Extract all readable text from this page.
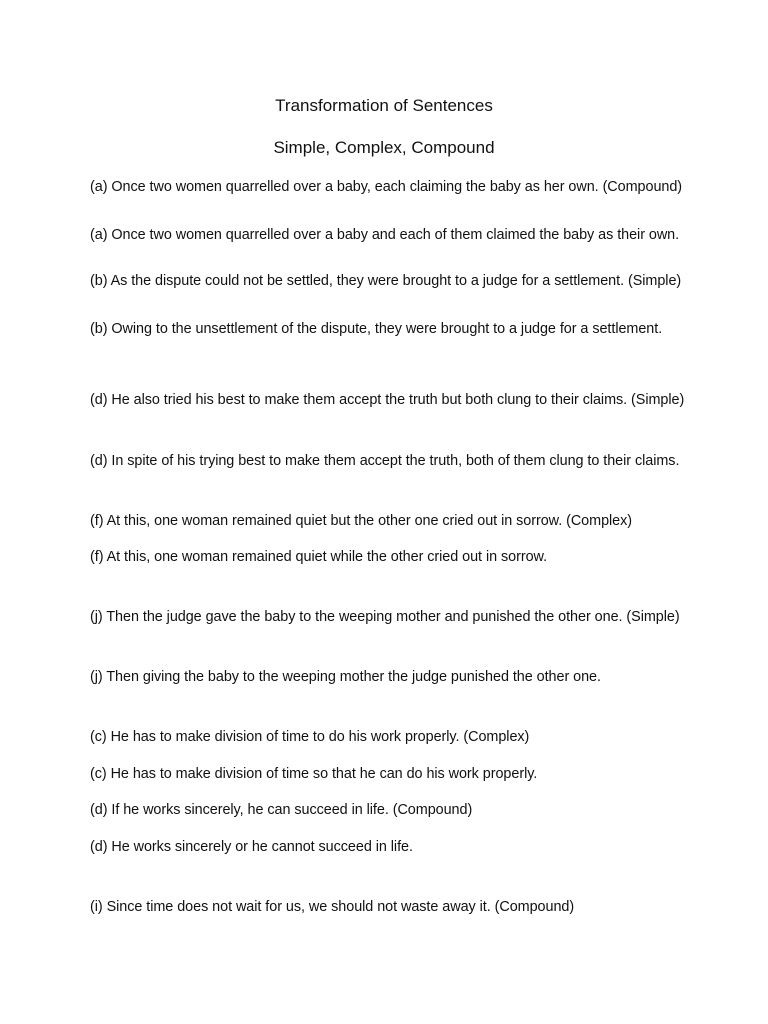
Transformation of Sentences
Simple, Complex, Compound

(a) Once two women quarrelled over a baby, each claiming the baby as her own. (Compound)

(a) Once two women quarrelled over a baby and each of them claimed the baby as their own.

(b) As the dispute could not be settled, they were brought to a judge for a settlement. (Simple)

(b) Owing to the unsettlement of the dispute, they were brought to a judge for a settlement.

(d) He also tried his best to make them accept the truth but both clung to their claims. (Simple)

(d) In spite of his trying best to make them accept the truth, both of them clung to their claims.

(f) At this, one woman remained quiet but the other one cried out in sorrow. (Complex)

(f) At this, one woman remained quiet while the other cried out in sorrow.

(j) Then the judge gave the baby to the weeping mother and punished the other one. (Simple)

(j) Then giving the baby to the weeping mother the judge punished the other one.

(c) He has to make division of time to do his work properly. (Complex)

(c) He has to make division of time so that he can do his work properly.

(d) If he works sincerely, he can succeed in life. (Compound)

(d) He works sincerely or he cannot succeed in life.

(i) Since time does not wait for us, we should not waste away it. (Compound)
